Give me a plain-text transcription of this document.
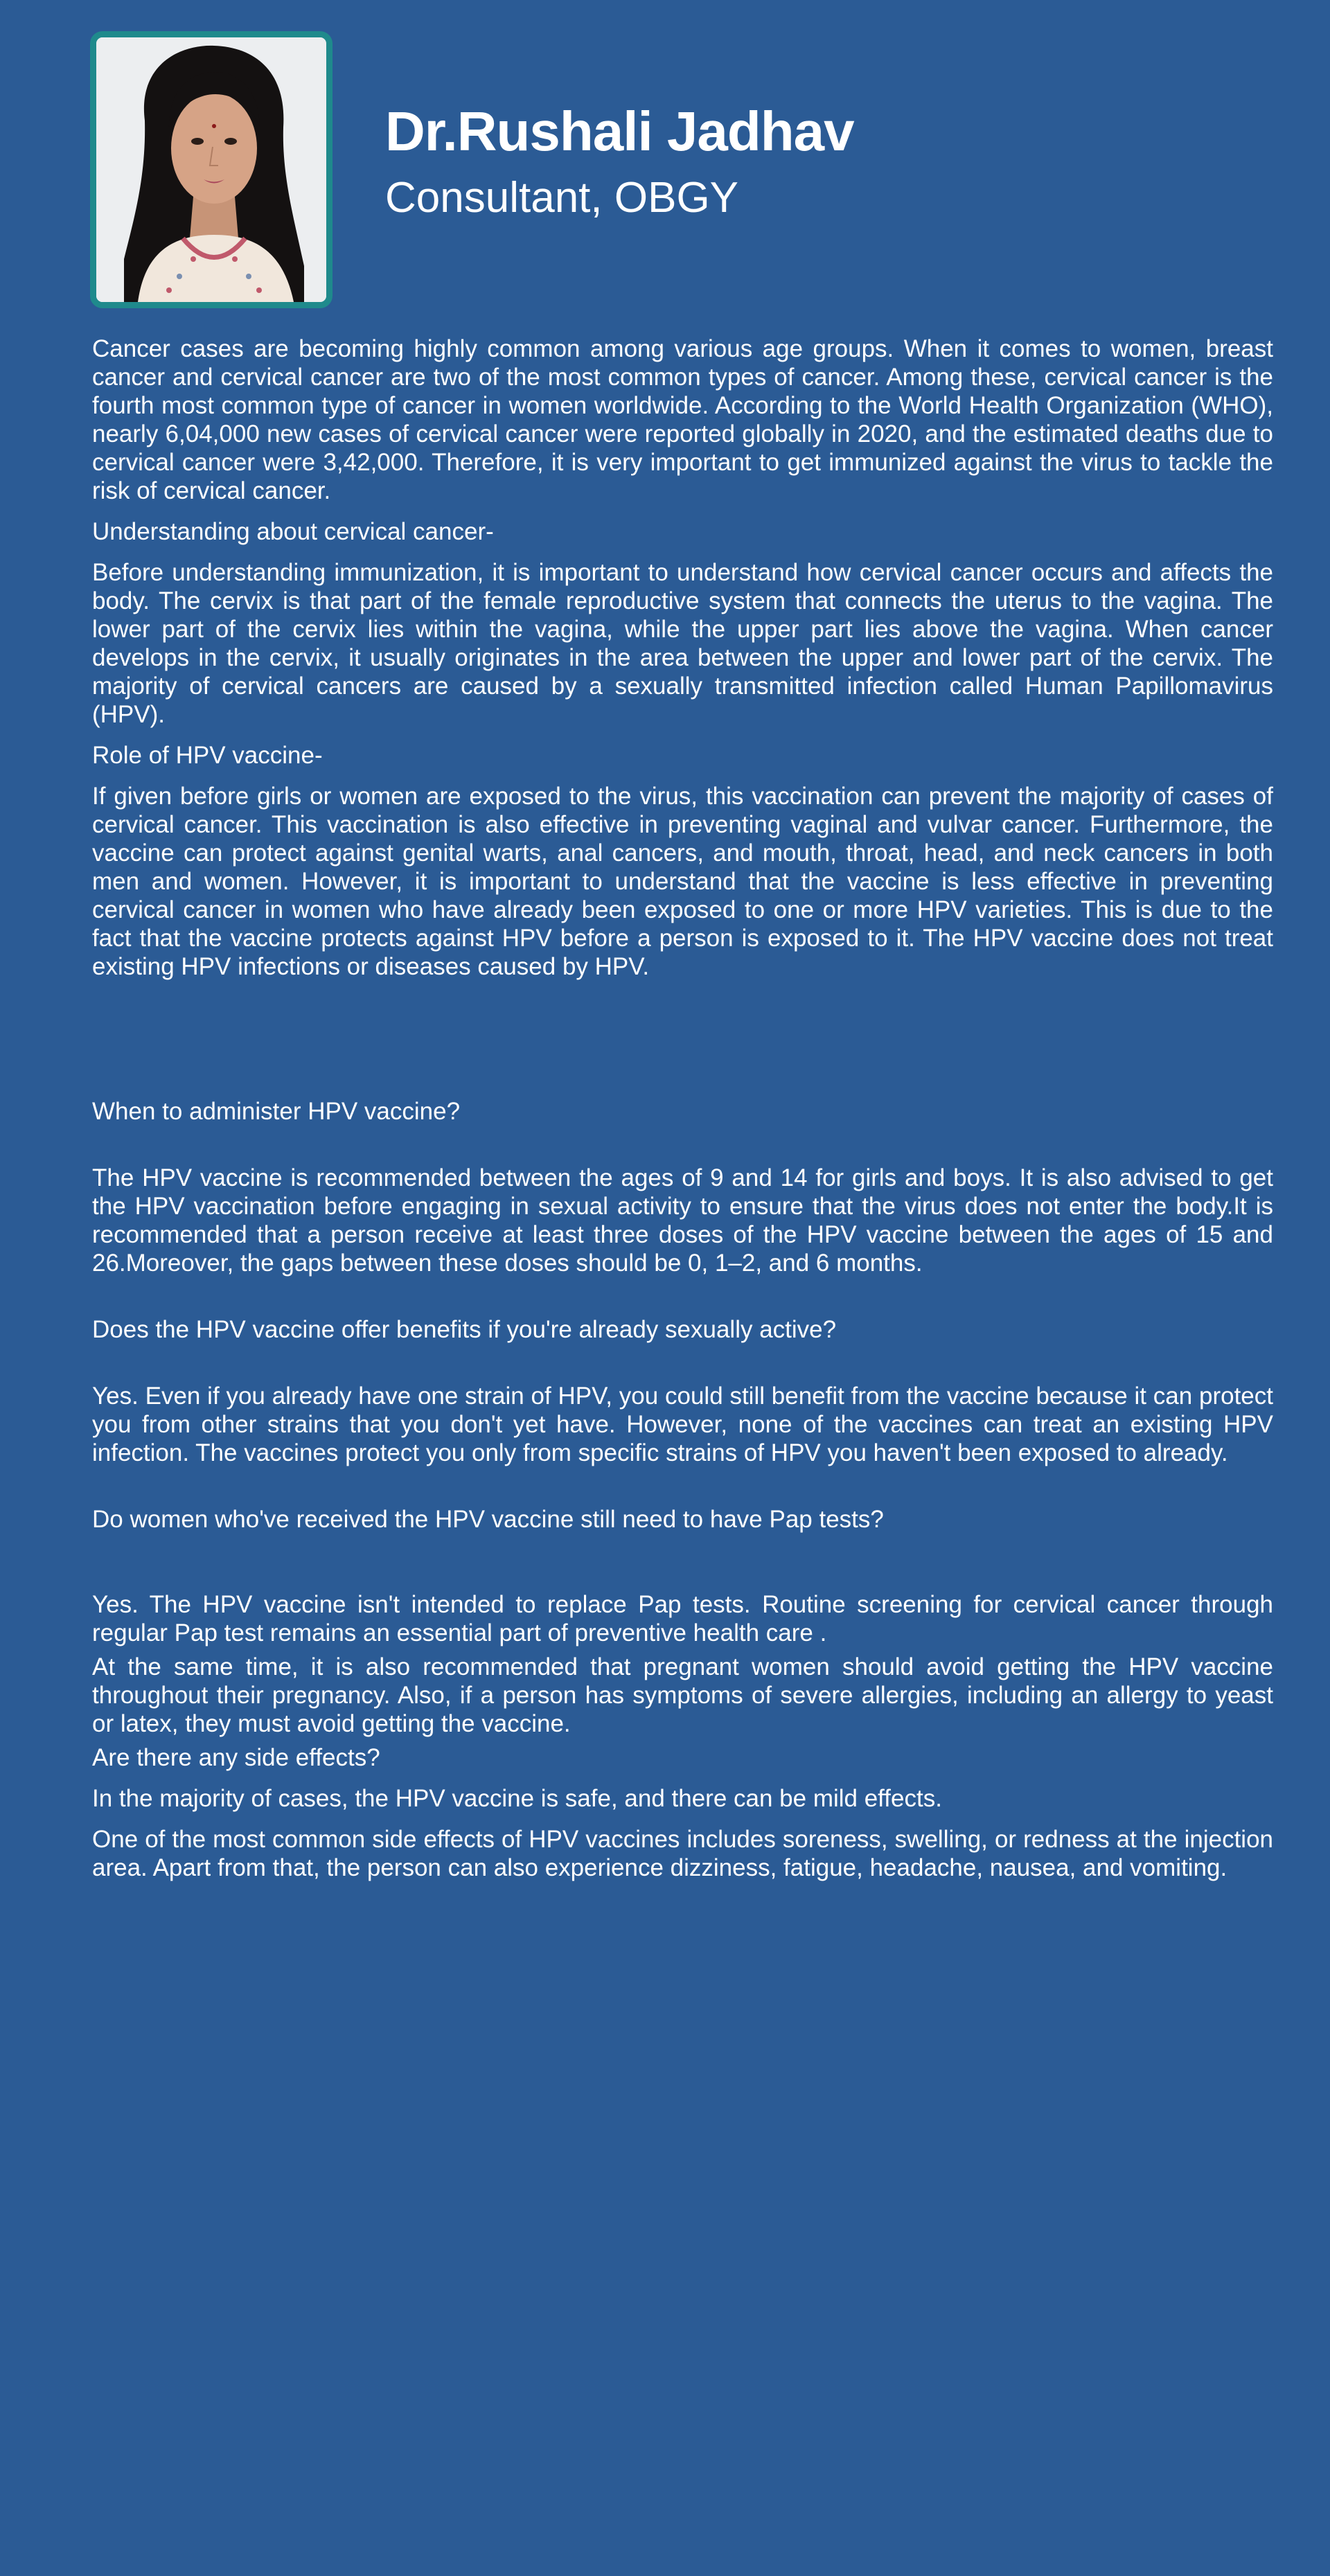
Dr.Rushali Jadhav
Consultant, OBGY

Cancer cases are becoming highly common among various age groups. When it comes to women, breast cancer and cervical cancer are two of the most common types of cancer. Among these, cervical cancer is the fourth most common type of cancer in women worldwide. According to the World Health Organization (WHO), nearly 6,04,000 new cases of cervical cancer were reported globally in 2020, and the estimated deaths due to cervical cancer were 3,42,000. Therefore, it is very important to get immunized against the virus to tackle the risk of cervical cancer.

Understanding about cervical cancer-

Before understanding immunization, it is important to understand how cervical cancer occurs and affects the body. The cervix is that part of the female reproductive system that connects the uterus to the vagina. The lower part of the cervix lies within the vagina, while the upper part lies above the vagina. When cancer develops in the cervix, it usually originates in the area between the upper and lower part of the cervix. The majority of cervical cancers are caused by a sexually transmitted infection called Human Papillomavirus (HPV).

Role of HPV vaccine-

If given before girls or women are exposed to the virus, this vaccination can prevent the majority of cases of cervical cancer. This vaccination is also effective in preventing vaginal and vulvar cancer. Furthermore, the vaccine can protect against genital warts, anal cancers, and mouth, throat, head, and neck cancers in both men and women. However, it is important to understand that the vaccine is less effective in preventing cervical cancer in women who have already been exposed to one or more HPV varieties. This is due to the fact that the vaccine protects against HPV before a person is exposed to it. The HPV vaccine does not treat existing HPV infections or diseases caused by HPV.

When to administer HPV vaccine?

The HPV vaccine is recommended between the ages of 9 and 14 for girls and boys. It is also advised to get the HPV vaccination before engaging in sexual activity to ensure that the virus does not enter the body.It is recommended that a person receive at least three doses of the HPV vaccine between the ages of 15 and 26.Moreover, the gaps between these doses should be 0, 1–2, and 6 months.

Does the HPV vaccine offer benefits if you're already sexually active?

Yes. Even if you already have one strain of HPV, you could still benefit from the vaccine because it can protect you from other strains that you don't yet have. However, none of the vaccines can treat an existing HPV infection. The vaccines protect you only from specific strains of HPV you haven't been exposed to already.

Do women who've received the HPV vaccine still need to have Pap tests?

Yes. The HPV vaccine isn't intended to replace Pap tests. Routine screening for cervical cancer through regular Pap test remains an essential part of preventive health care .

At the same time, it is also recommended that pregnant women should avoid getting the HPV vaccine throughout their pregnancy. Also, if a person has symptoms of severe allergies, including an allergy to yeast or latex, they must avoid getting the vaccine.

Are there any side effects?

In the majority of cases, the HPV vaccine is safe, and there can be mild effects.

One of the most common side effects of HPV vaccines includes soreness, swelling, or redness at the injection area. Apart from that, the person can also experience dizziness, fatigue, headache, nausea, and vomiting.
